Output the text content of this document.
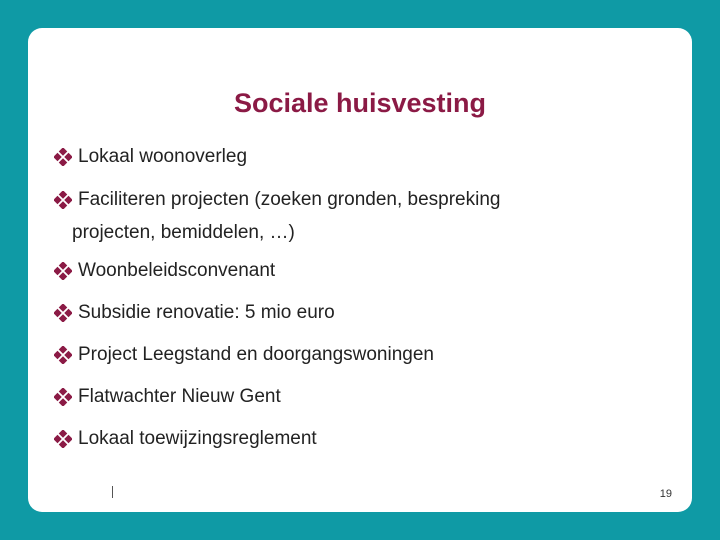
Sociale huisvesting
Lokaal woonoverleg
Faciliteren projecten (zoeken gronden, bespreking
projecten, bemiddelen, …)
Woonbeleidsconvenant
Subsidie renovatie: 5 mio euro
Project Leegstand en doorgangswoningen
Flatwachter Nieuw Gent
Lokaal toewijzingsreglement
19
